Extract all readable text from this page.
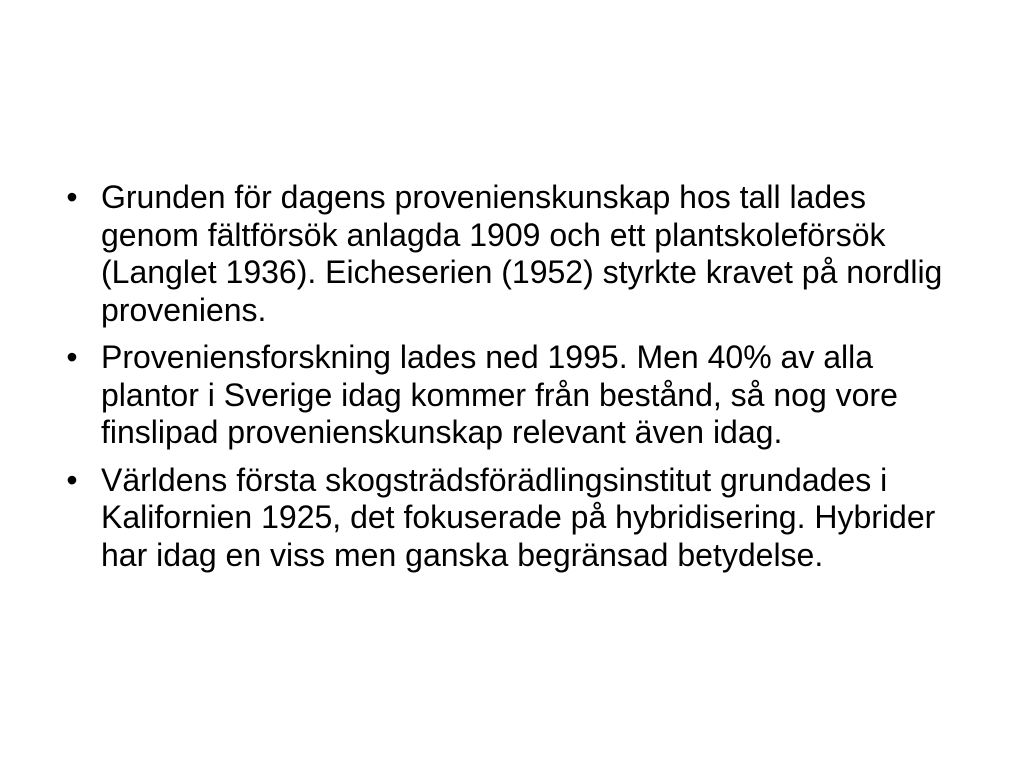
• Grunden för dagens provenienskunskap hos tall lades genom fältförsök anlagda 1909 och ett plantskoleförsök (Langlet 1936). Eicheserien (1952) styrkte kravet på nordlig proveniens.
• Proveniensforskning lades ned 1995. Men 40% av alla plantor i Sverige idag kommer från bestånd, så nog vore finslipad provenienskunskap relevant även idag.
• Världens första skogsträdsförädlingsinstitut grundades i Kalifornien 1925, det fokuserade på hybridisering. Hybrider har idag en viss men ganska begränsad betydelse.
